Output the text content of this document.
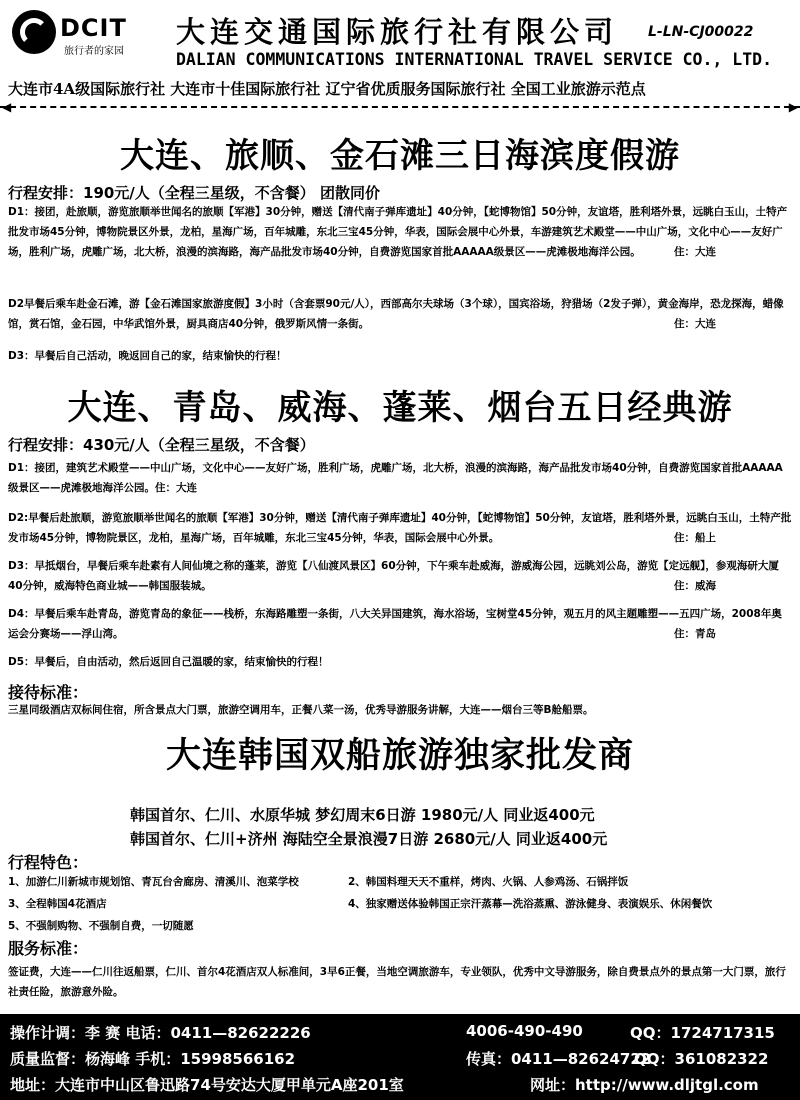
DCIT
旅行者的家园
大连交通国际旅行社有限公司 L-LN-CJ00022
DALIAN COMMUNICATIONS INTERNATIONAL TRAVEL SERVICE CO., LTD.
大连市4A级国际旅行社 大连市十佳国际旅行社 辽宁省优质服务国际旅行社 全国工业旅游示范点
◀	▶
大连、旅顺、金石滩三日海滨度假游
行程安排：190元/人（全程三星级，不含餐） 团散同价
D1：接团，赴旅顺，游览旅顺举世闻名的旅顺【军港】30分钟，赠送【清代南子弹库遗址】40分钟，【蛇博物馆】50分钟，友谊塔，胜利塔外景，远眺白玉山，土特产批发市场45分钟，博物院景区外景，龙柏，星海广场，百年城雕，东北三宝45分钟，华表，国际会展中心外景，车游建筑艺术殿堂——中山广场，文化中心——友好广场，胜利广场，虎雕广场，北大桥，浪漫的滨海路，海产品批发市场40分钟，自费游览国家首批AAAAA级景区——虎滩极地海洋公园。	住：大连
D2早餐后乘车赴金石滩，游【金石滩国家旅游度假】3小时（含套票90元/人），西部高尔夫球场（3个球），国宾浴场，狩猎场（2发子弹），黄金海岸，恐龙探海，蜡像馆，赏石馆，金石园，中华武馆外景，厨具商店40分钟，俄罗斯风情一条街。	住：大连
D3：早餐后自己活动，晚返回自己的家，结束愉快的行程！
大连、青岛、威海、蓬莱、烟台五日经典游
行程安排：430元/人（全程三星级，不含餐）
D1：接团，建筑艺术殿堂——中山广场，文化中心——友好广场，胜利广场，虎雕广场，北大桥，浪漫的滨海路，海产品批发市场40分钟，自费游览国家首批AAAAA级景区——虎滩极地海洋公园。住：大连
D2:早餐后赴旅顺，游览旅顺举世闻名的旅顺【军港】30分钟，赠送【清代南子弹库遗址】40分钟，【蛇博物馆】50分钟，友谊塔，胜利塔外景，远眺白玉山，土特产批发市场45分钟，博物院景区，龙柏，星海广场，百年城雕，东北三宝45分钟，华表，国际会展中心外景。	住：船上
D3：早抵烟台，早餐后乘车赴素有人间仙境之称的蓬莱，游览【八仙渡风景区】60分钟，下午乘车赴威海，游威海公园，远眺刘公岛，游览【定远舰】，参观海研大厦40分钟，威海特色商业城——韩国服装城。	住：威海
D4：早餐后乘车赴青岛，游览青岛的象征——栈桥，东海路雕塑一条街，八大关异国建筑，海水浴场，宝树堂45分钟，观五月的风主题雕塑——五四广场，2008年奥运会分赛场——浮山湾。	住：青岛
D5：早餐后，自由活动，然后返回自己温暖的家，结束愉快的行程！
接待标准：
三星同级酒店双标间住宿，所含景点大门票，旅游空调用车，正餐八菜一汤，优秀导游服务讲解，大连——烟台三等B舱船票。
大连韩国双船旅游独家批发商
韩国首尔、仁川、水原华城 梦幻周末6日游 1980元/人 同业返400元
韩国首尔、仁川+济州 海陆空全景浪漫7日游 2680元/人 同业返400元
行程特色：
1、加游仁川新城市规划馆、青瓦台舍廊房、清溪川、泡菜学校	2、韩国料理天天不重样，烤肉、火锅、人参鸡汤、石锅拌饭
3、全程韩国4花酒店	4、独家赠送体验韩国正宗汗蒸幕—洗浴蒸熏、游泳健身、表演娱乐、休闲餐饮
5、不强制购物、不强制自费，一切随愿
服务标准：
签证费，大连——仁川往返船票，仁川、首尔4花酒店双人标准间，3早6正餐，当地空调旅游车，专业领队，优秀中文导游服务，除自费景点外的景点第一大门票，旅行社责任险，旅游意外险。
操作计调：李 赛 电话：0411—82622226	4006-490-490	QQ：1724717315
质量监督：杨海峰 手机：15998566162	传真：0411—82624722
QQ：361082322
地址：大连市中山区鲁迅路74号安达大厦甲单元A座201室	网址：http://www.dljtgl.com
